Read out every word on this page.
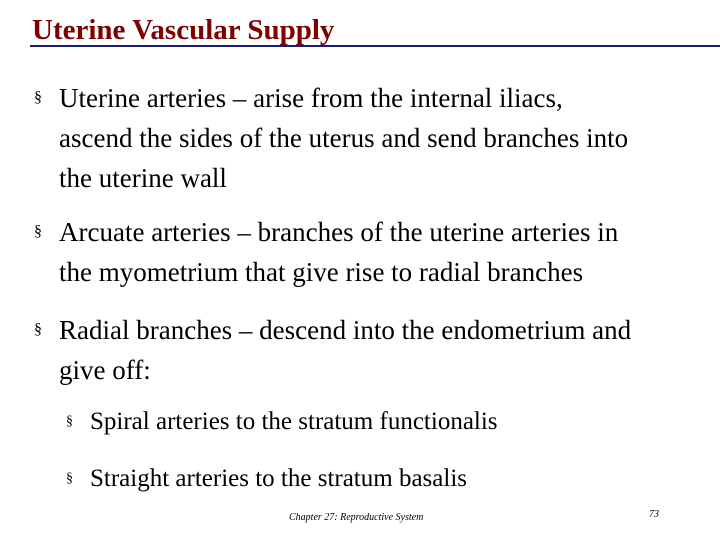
Uterine Vascular Supply
§ Uterine arteries – arise from the internal iliacs,
ascend the sides of the uterus and send branches into
the uterine wall
§ Arcuate arteries – branches of the uterine arteries in
the myometrium that give rise to radial branches
§ Radial branches – descend into the endometrium and
give off:
§ Spiral arteries to the stratum functionalis
§ Straight arteries to the stratum basalis
Chapter 27: Reproductive System	73
